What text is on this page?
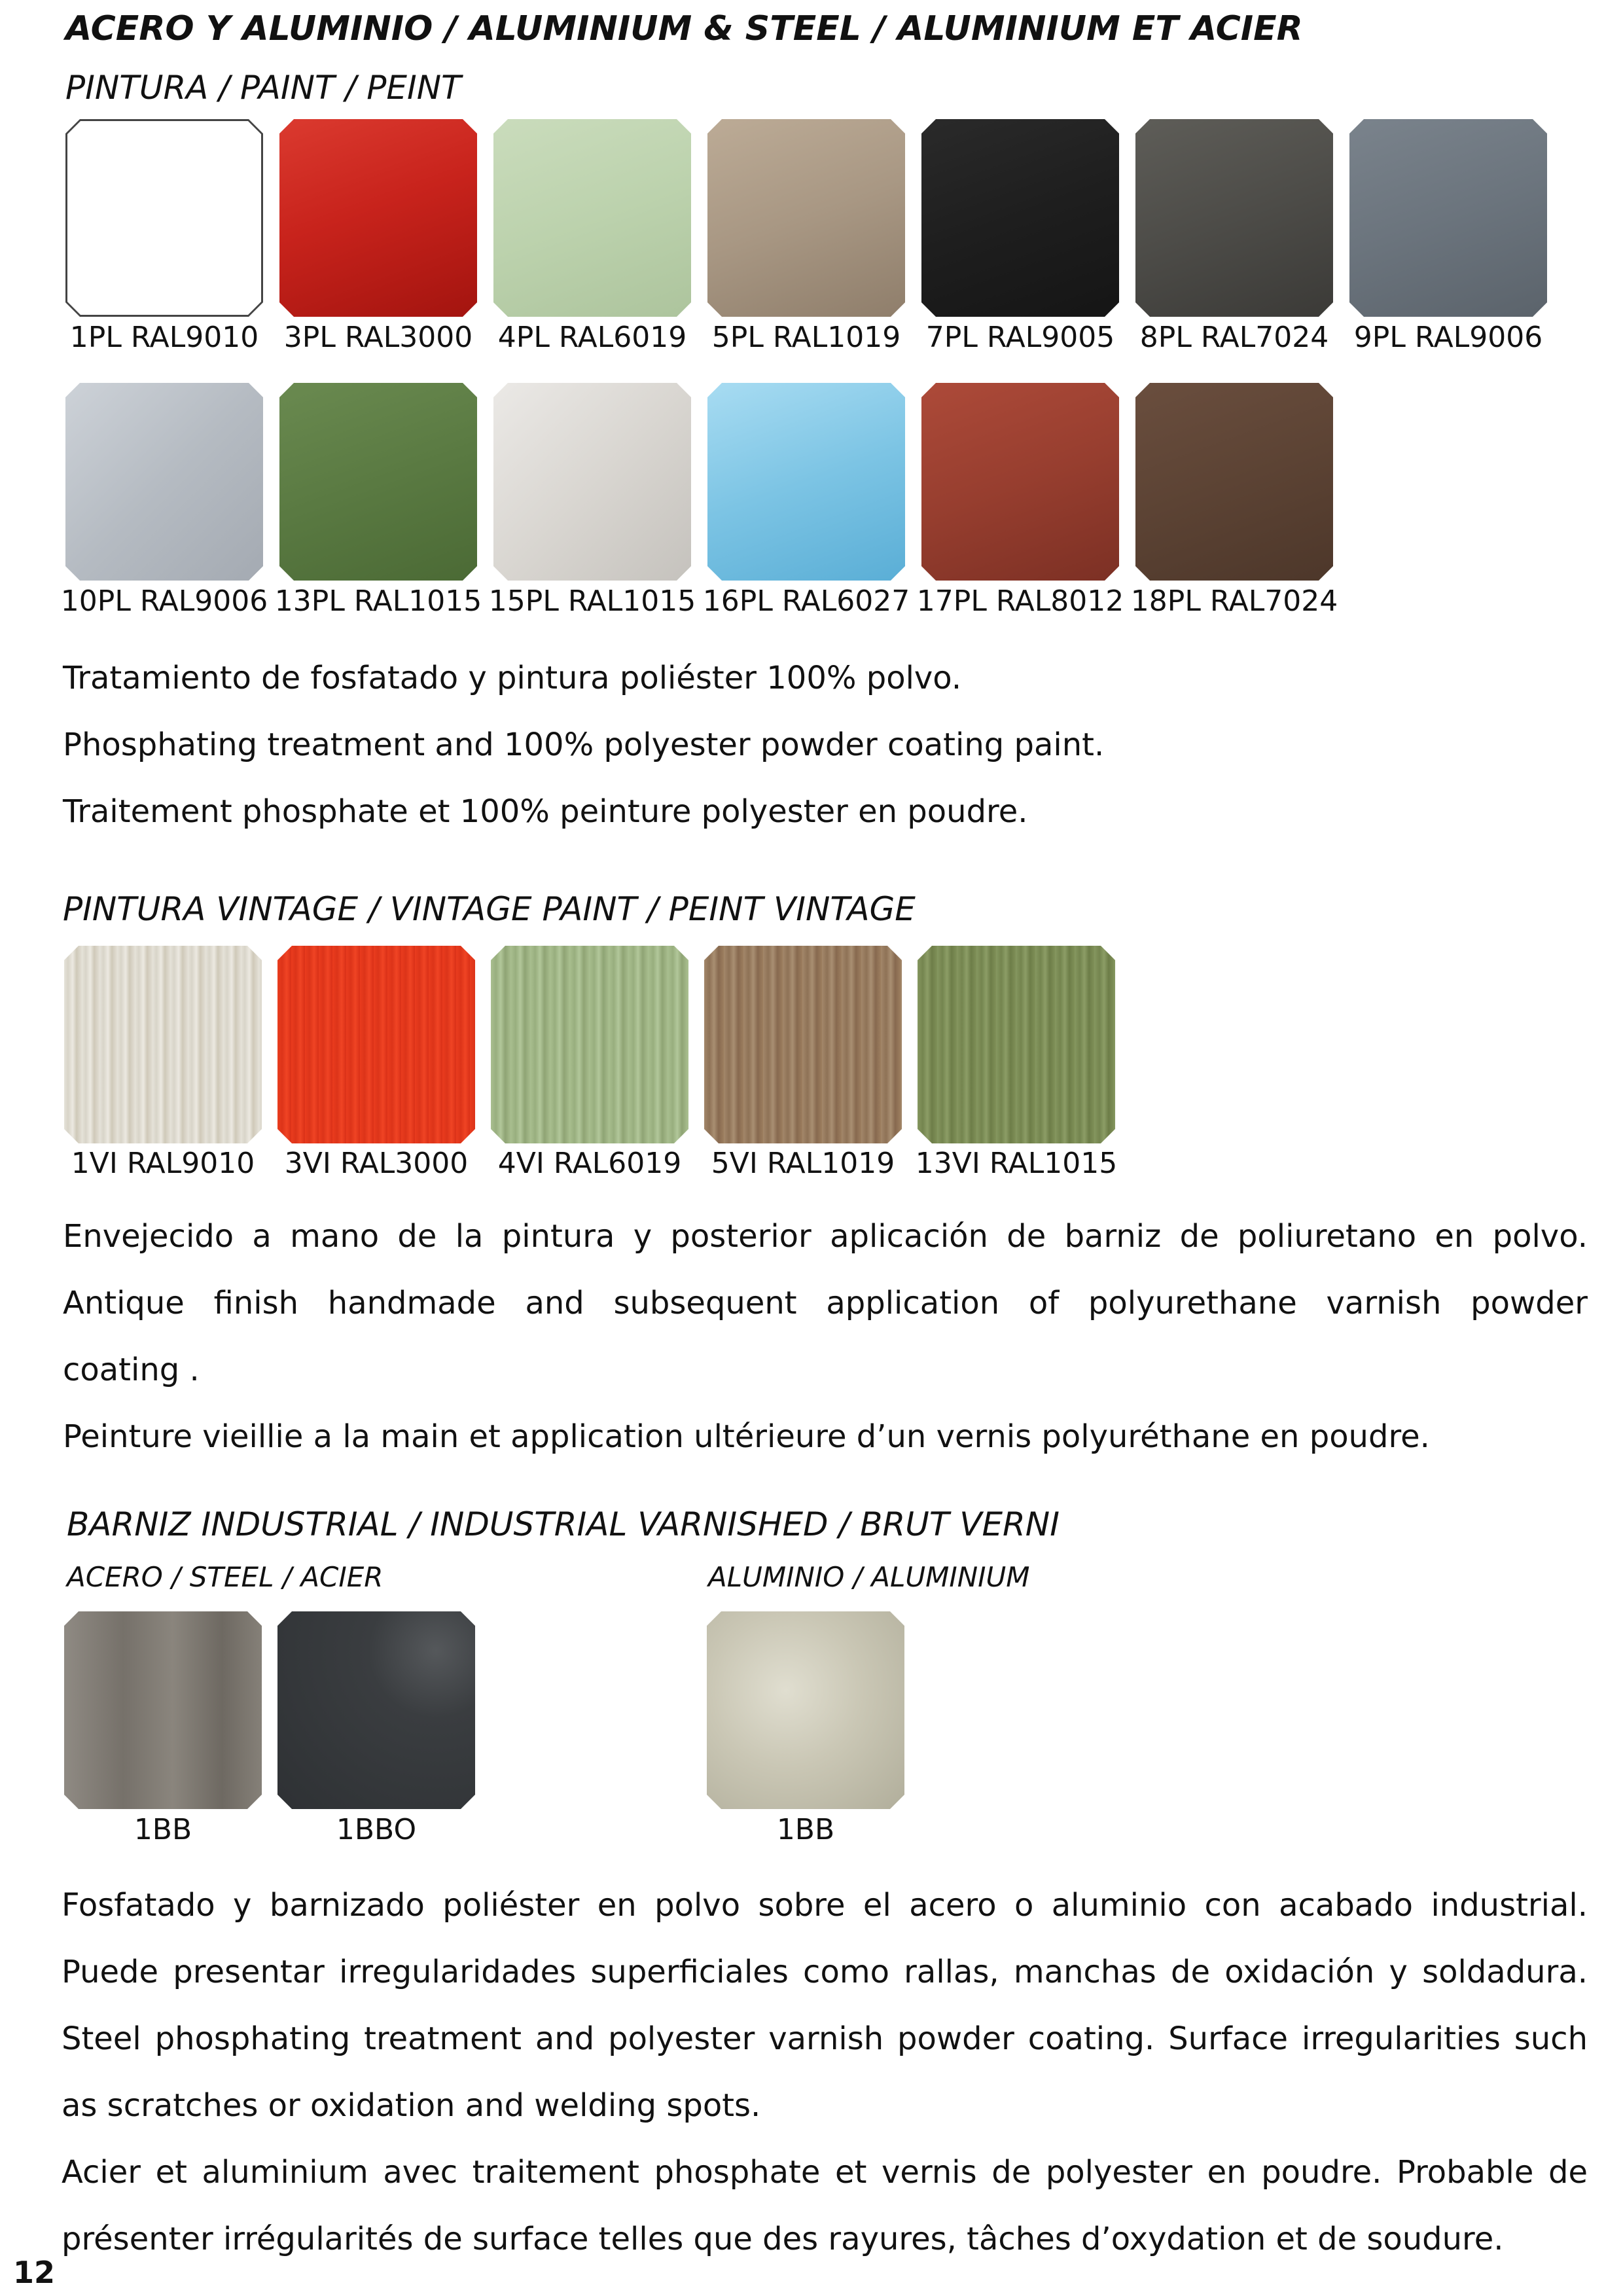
ACERO Y ALUMINIO / ALUMINIUM & STEEL / ALUMINIUM ET ACIER
PINTURA / PAINT / PEINT
1PL RAL9010 3PL RAL3000 4PL RAL6019 5PL RAL1019 7PL RAL9005 8PL RAL7024 9PL RAL9006
10PL RAL9006 13PL RAL1015 15PL RAL1015 16PL RAL6027 17PL RAL8012 18PL RAL7024

Tratamiento de fosfatado y pintura poliéster 100% polvo.

Phosphating treatment and 100% polyester powder coating paint.

Traitement phosphate et 100% peinture polyester en poudre.

PINTURA VINTAGE / VINTAGE PAINT / PEINT VINTAGE
1VI RAL9010	3VI RAL3000	4VI RAL6019	5VI RAL1019 13VI RAL1015

Envejecido a mano de la pintura y posterior aplicación de barniz de poliuretano en polvo.

Antique finish handmade and subsequent application of polyurethane varnish powder

coating .

Peinture vieillie a la main et application ultérieure d’un vernis polyuréthane en poudre.

BARNIZ INDUSTRIAL / INDUSTRIAL VARNISHED / BRUT VERNI
ACERO / STEEL / ACIER	ALUMINIO / ALUMINIUM
1BB	1BBO	1BB

Fosfatado y barnizado poliéster en polvo sobre el acero o aluminio con acabado industrial.

Puede presentar irregularidades superficiales como rallas, manchas de oxidación y soldadura.

Steel phosphating treatment and polyester varnish powder coating. Surface irregularities such

as scratches or oxidation and welding spots.

Acier et aluminium avec traitement phosphate et vernis de polyester en poudre. Probable de

présenter irrégularités de surface telles que des rayures, tâches d’oxydation et de soudure.

12
